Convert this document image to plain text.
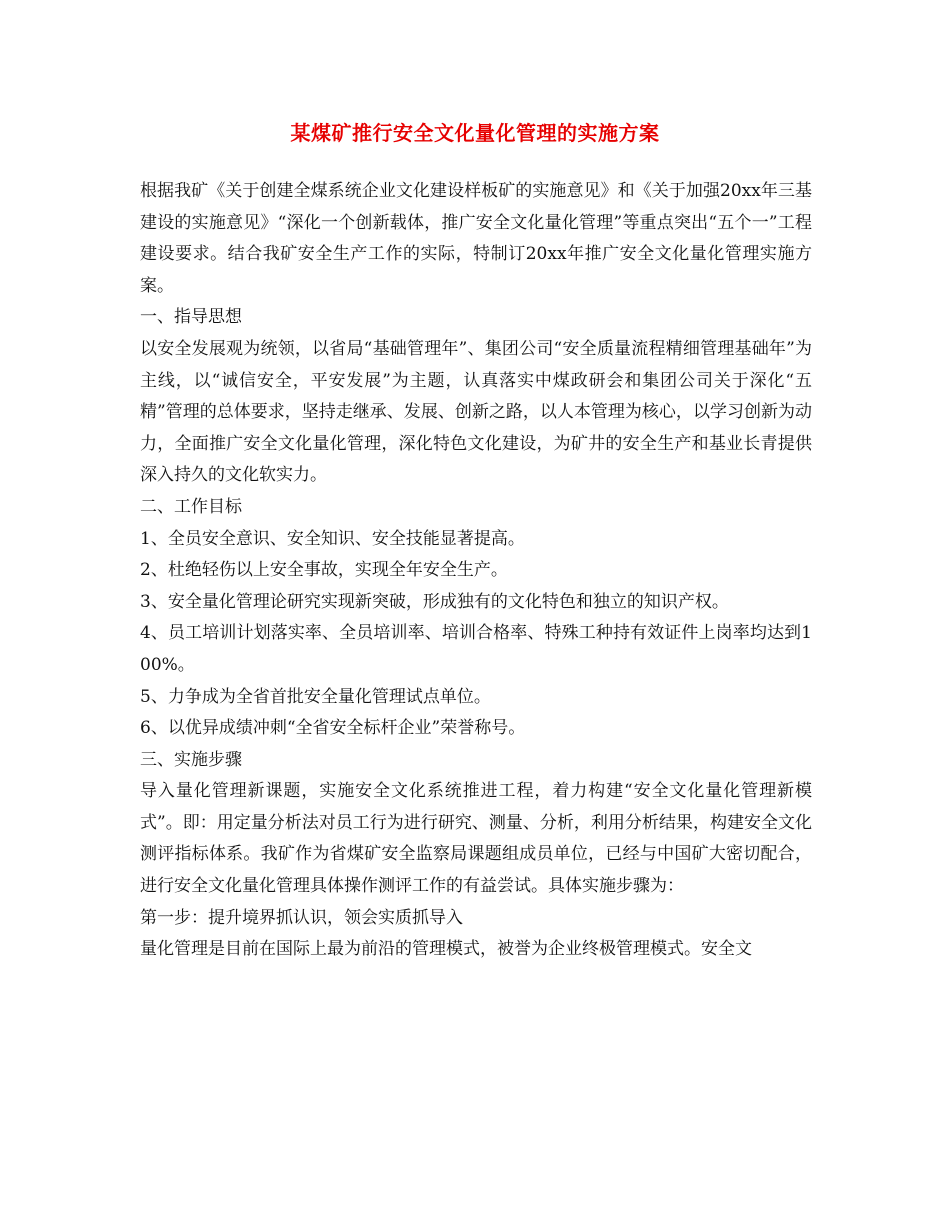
某煤矿推行安全文化量化管理的实施方案

根据我矿《关于创建全煤系统企业文化建设样板矿的实施意见》和《关于加强20xx年三基建设的实施意见》“深化一个创新载体，推广安全文化量化管理”等重点突出“五个一”工程建设要求。结合我矿安全生产工作的实际，特制订20xx年推广安全文化量化管理实施方案。

一、指导思想

以安全发展观为统领，以省局“基础管理年”、集团公司“安全质量流程精细管理基础年”为主线，以“诚信安全，平安发展”为主题，认真落实中煤政研会和集团公司关于深化“五精”管理的总体要求，坚持走继承、发展、创新之路，以人本管理为核心，以学习创新为动力，全面推广安全文化量化管理，深化特色文化建设，为矿井的安全生产和基业长青提供深入持久的文化软实力。

二、工作目标

1、全员安全意识、安全知识、安全技能显著提高。

2、杜绝轻伤以上安全事故，实现全年安全生产。

3、安全量化管理论研究实现新突破，形成独有的文化特色和独立的知识产权。

4、员工培训计划落实率、全员培训率、培训合格率、特殊工种持有效证件上岗率均达到100%。

5、力争成为全省首批安全量化管理试点单位。

6、以优异成绩冲刺“全省安全标杆企业”荣誉称号。

三、实施步骤

导入量化管理新课题，实施安全文化系统推进工程，着力构建“安全文化量化管理新模式”。即：用定量分析法对员工行为进行研究、测量、分析，利用分析结果，构建安全文化测评指标体系。我矿作为省煤矿安全监察局课题组成员单位，已经与中国矿大密切配合，进行安全文化量化管理具体操作测评工作的有益尝试。具体实施步骤为：

第一步：提升境界抓认识，领会实质抓导入

量化管理是目前在国际上最为前沿的管理模式，被誉为企业终极管理模式。安全文
